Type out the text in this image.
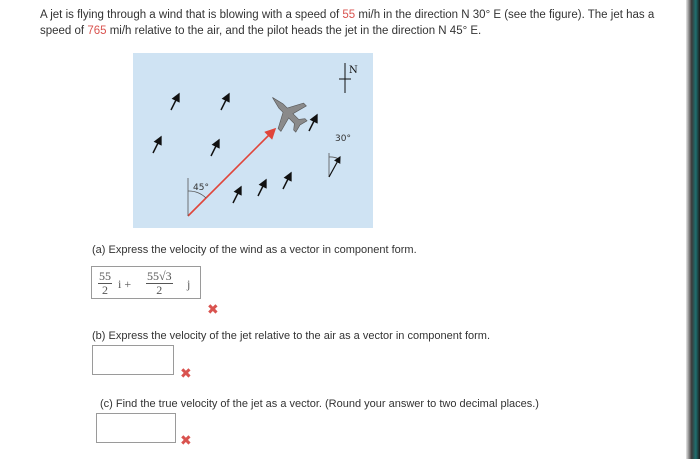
A jet is flying through a wind that is blowing with a speed of 55 mi/h in the direction N 30° E (see the figure). The jet has a speed of 765 mi/h relative to the air, and the pilot heads the jet in the direction N 45° E.
45°
N
30°
(a) Express the velocity of the wind as a vector in component form.
$\frac{55}{2}$ $i + \frac{55√3}{2}$ j
✖
(b) Express the velocity of the jet relative to the air as a vector in component form.
✖
(c) Find the true velocity of the jet as a vector. (Round your answer to two decimal places.)
✖
